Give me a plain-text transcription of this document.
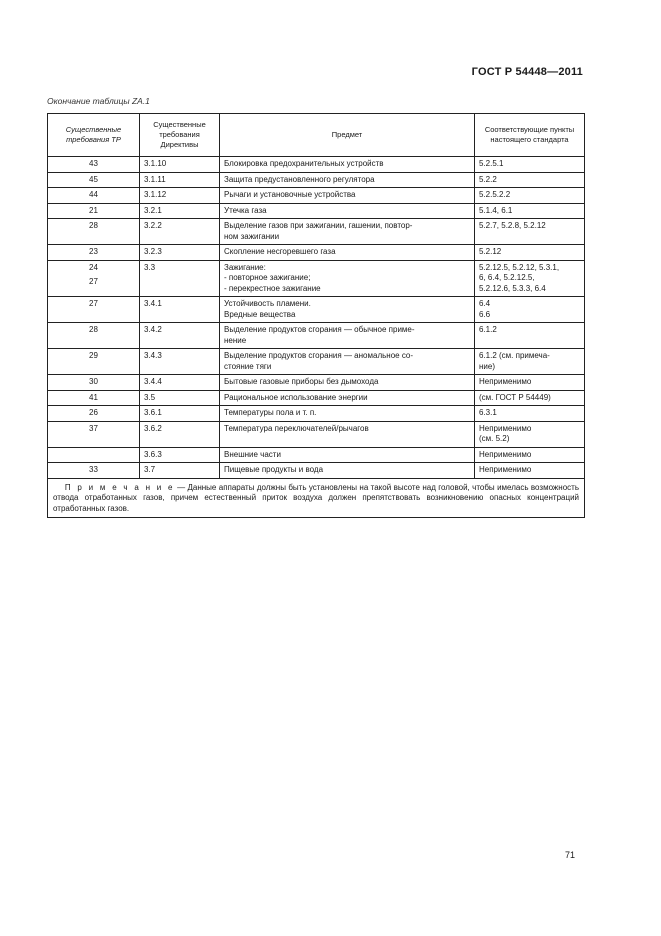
ГОСТ Р 54448—2011
Окончание таблицы ZA.1
Существенные требования ТР	Существенные требования Директивы	Предмет	Соответствующие пункты настоящего стандарта

43	3.1.10	Блокировка предохранительных устройств	5.2.5.1

45	3.1.11	Защита предустановленного регулятора	5.2.2

44	3.1.12	Рычаги и установочные устройства	5.2.5.2.2

21	3.2.1	Утечка газа	5.1.4, 6.1

28	3.2.2	Выделение газов при зажигании, гашении, повтор-
ном зажигании	5.2.7, 5.2.8, 5.2.12

23	3.2.3	Скопление несгоревшего газа	5.2.12

24
27	3.3	Зажигание:
- повторное зажигание;
- перекрестное зажигание	5.2.12.5, 5.2.12, 5.3.1,
6, 6.4, 5.2.12.5,
5.2.12.6, 5.3.3, 6.4

27	3.4.1	Устойчивость пламени.
Вредные вещества	6.4
6.6

28	3.4.2	Выделение продуктов сгорания — обычное приме-
нение	6.1.2

29	3.4.3	Выделение продуктов сгорания — аномальное со-
стояние тяги	6.1.2 (см. примеча-
ние)

30	3.4.4	Бытовые газовые приборы без дымохода	Неприменимо

41	3.5	Рациональное использование энергии	(см. ГОСТ Р 54449)

26	3.6.1	Температуры пола и т. п.	6.3.1

37	3.6.2	Температура переключателей/рычагов	Неприменимо
(см. 5.2)

	3.6.3	Внешние части	Неприменимо

33	3.7	Пищевые продукты и вода	Неприменимо

П р и м е ч а н и е — Данные аппараты должны быть установлены на такой высоте над головой, чтобы имелась возможность отвода отработанных газов, причем естественный приток воздуха должен препятствовать возникновению опасных концентраций отработанных газов.			
71
